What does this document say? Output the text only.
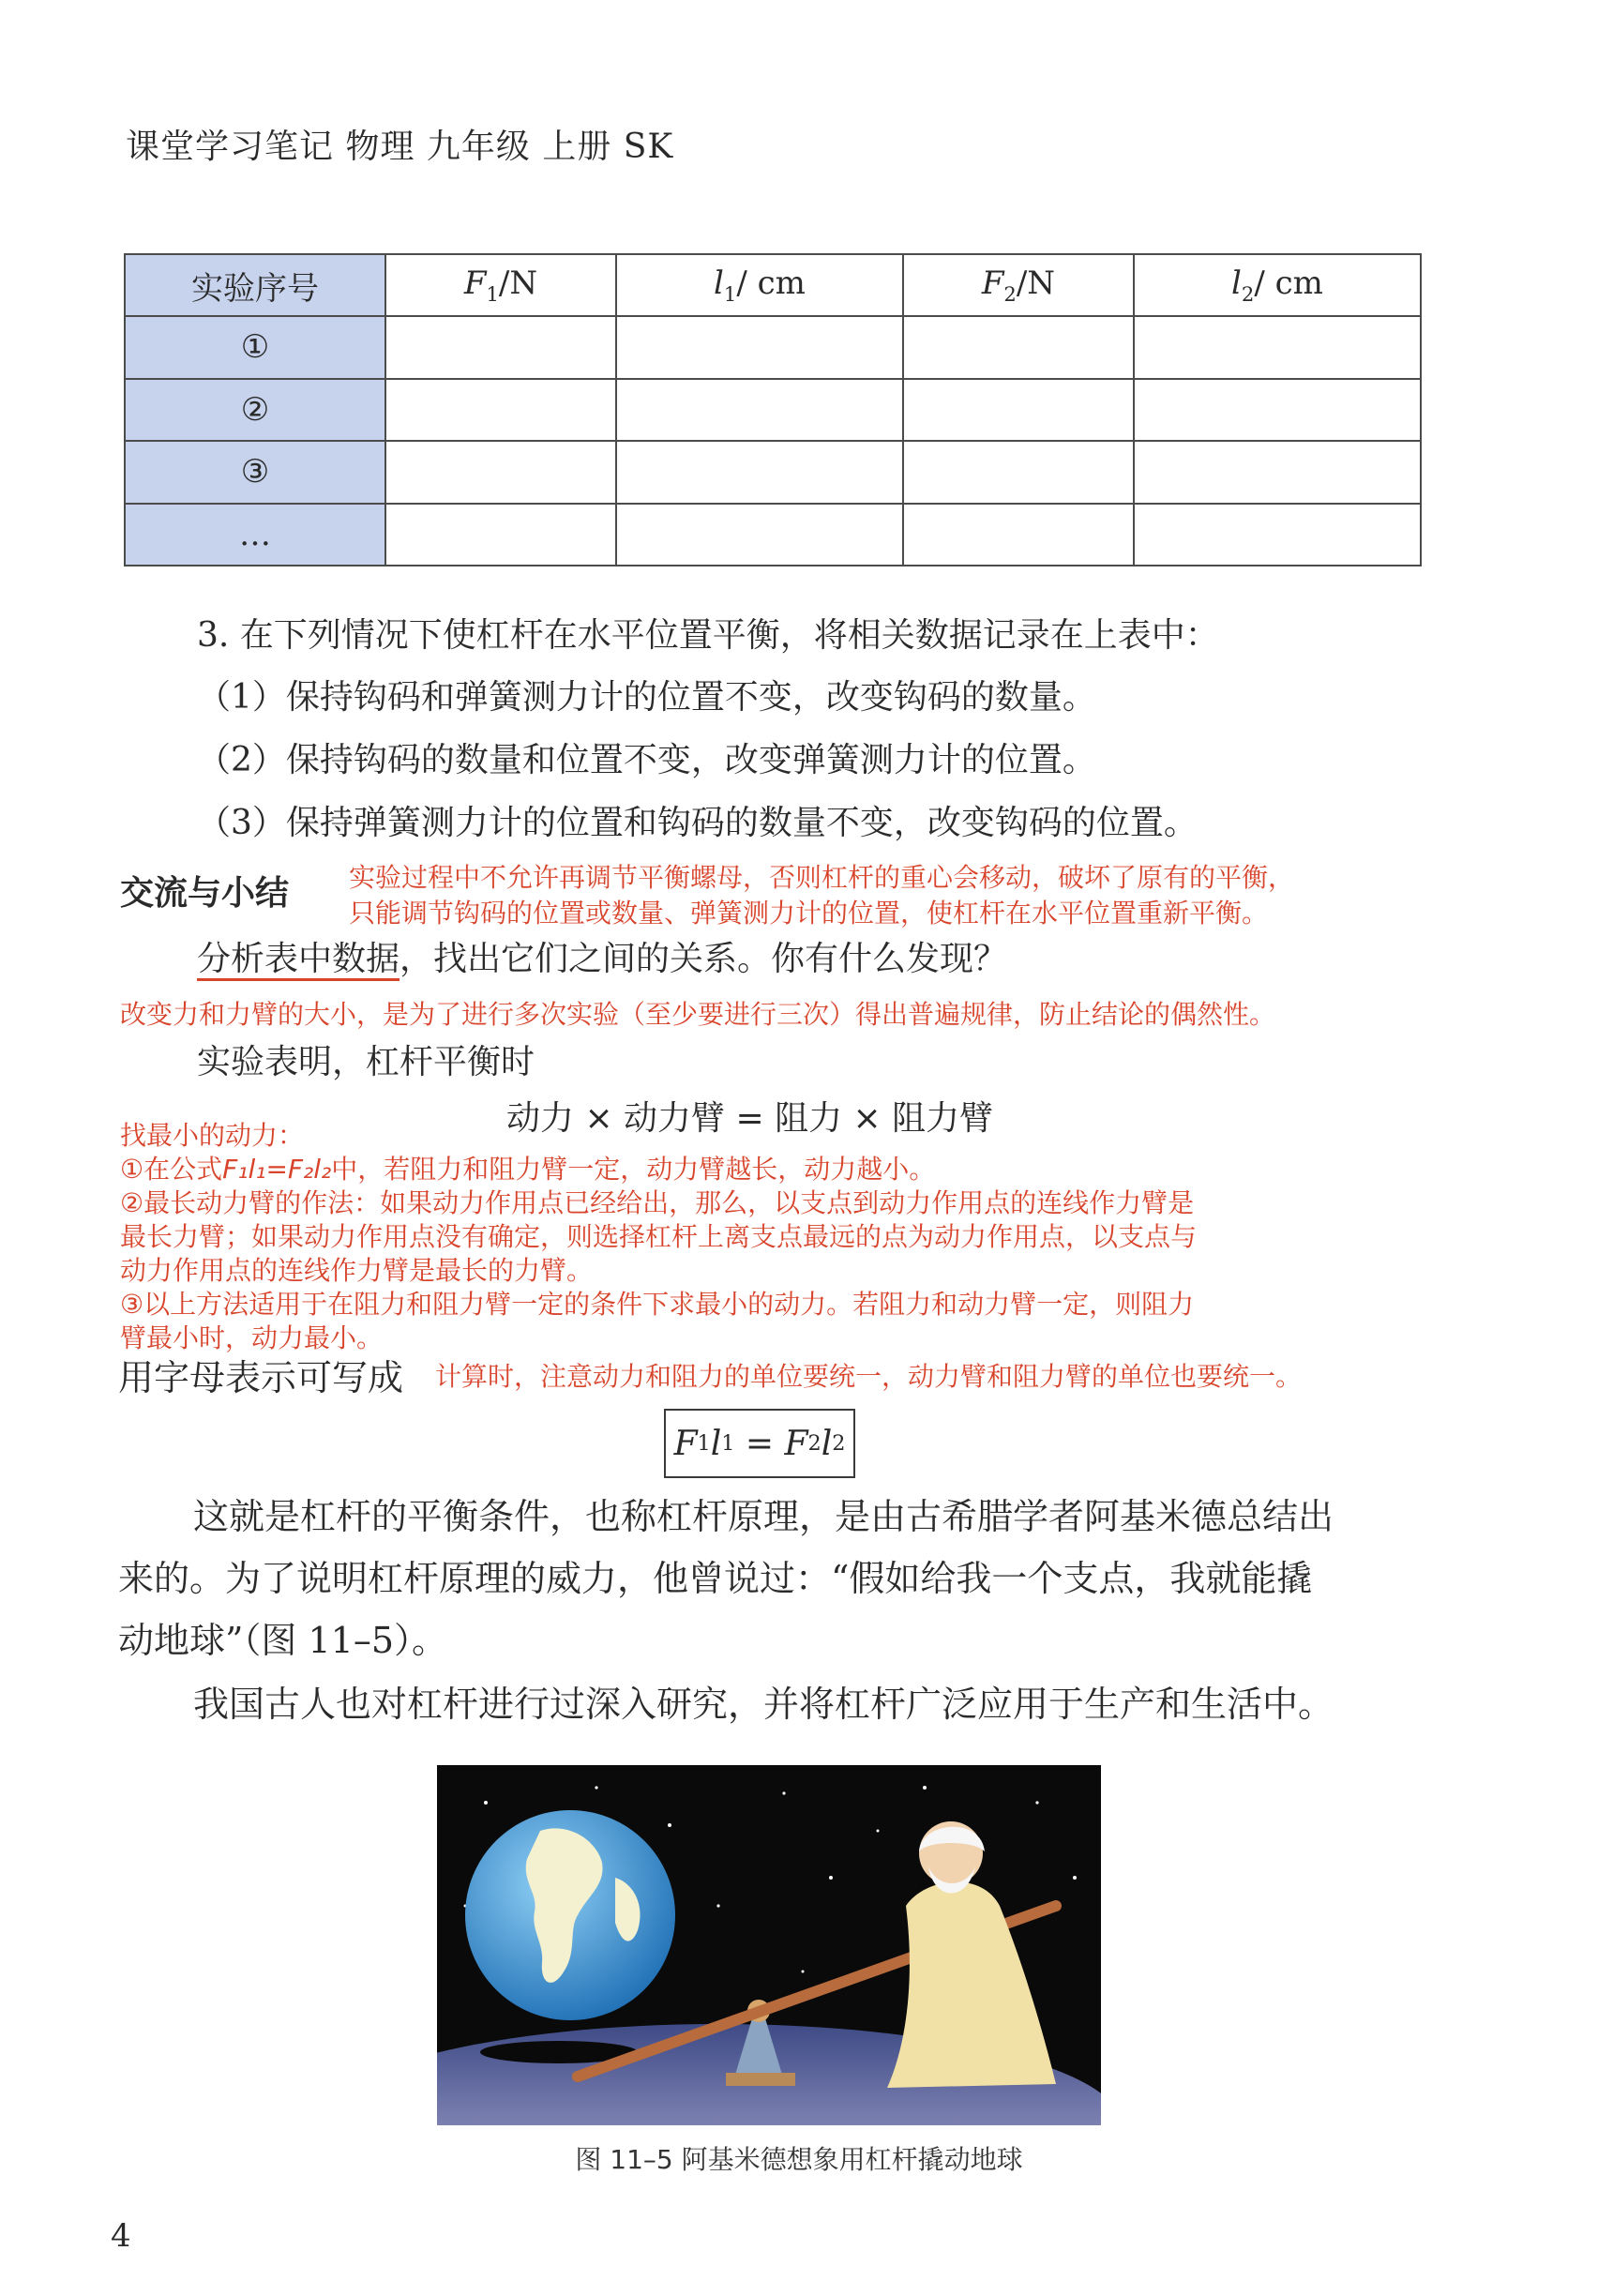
课堂学习笔记 物理 九年级 上册 SK
实验序号	$F_1/N$	$l_1/$ cm	$F_2/N$	$l_2/$ cm
①				
②				
③				
…				
3. 在下列情况下使杠杆在水平位置平衡，将相关数据记录在上表中：
（1）保持钩码和弹簧测力计的位置不变，改变钩码的数量。
（2）保持钩码的数量和位置不变，改变弹簧测力计的位置。
（3）保持弹簧测力计的位置和钩码的数量不变，改变钩码的位置。
交流与小结 实验过程中不允许再调节平衡螺母，否则杠杆的重心会移动，破坏了原有的平衡，
只能调节钩码的位置或数量、弹簧测力计的位置，使杠杆在水平位置重新平衡。
分析表中数据，找出它们之间的关系。你有什么发现？
改变力和力臂的大小，是为了进行多次实验（至少要进行三次）得出普遍规律，防止结论的偶然性。
实验表明，杠杆平衡时
动力 × 动力臂 = 阻力 × 阻力臂
找最小的动力：
①在公式F₁l₁=F₂l₂中，若阻力和阻力臂一定，动力臂越长，动力越小。
②最长动力臂的作法：如果动力作用点已经给出，那么，以支点到动力作用点的连线作力臂是
最长力臂；如果动力作用点没有确定，则选择杠杆上离支点最远的点为动力作用点，以支点与
动力作用点的连线作力臂是最长的力臂。
③以上方法适用于在阻力和阻力臂一定的条件下求最小的动力。若阻力和动力臂一定，则阻力
臂最小时，动力最小。
用字母表示可写成 计算时，注意动力和阻力的单位要统一，动力臂和阻力臂的单位也要统一。
F 1 l 1 = F 2 l 2
这就是杠杆的平衡条件，也称杠杆原理，是由古希腊学者阿基米德总结出
来的。为了说明杠杆原理的威力，他曾说过：“假如给我一个支点，我就能撬
动地球”（图 11–5）。
我国古人也对杠杆进行过深入研究，并将杠杆广泛应用于生产和生活中。
图 11–5 阿基米德想象用杠杆撬动地球
4
